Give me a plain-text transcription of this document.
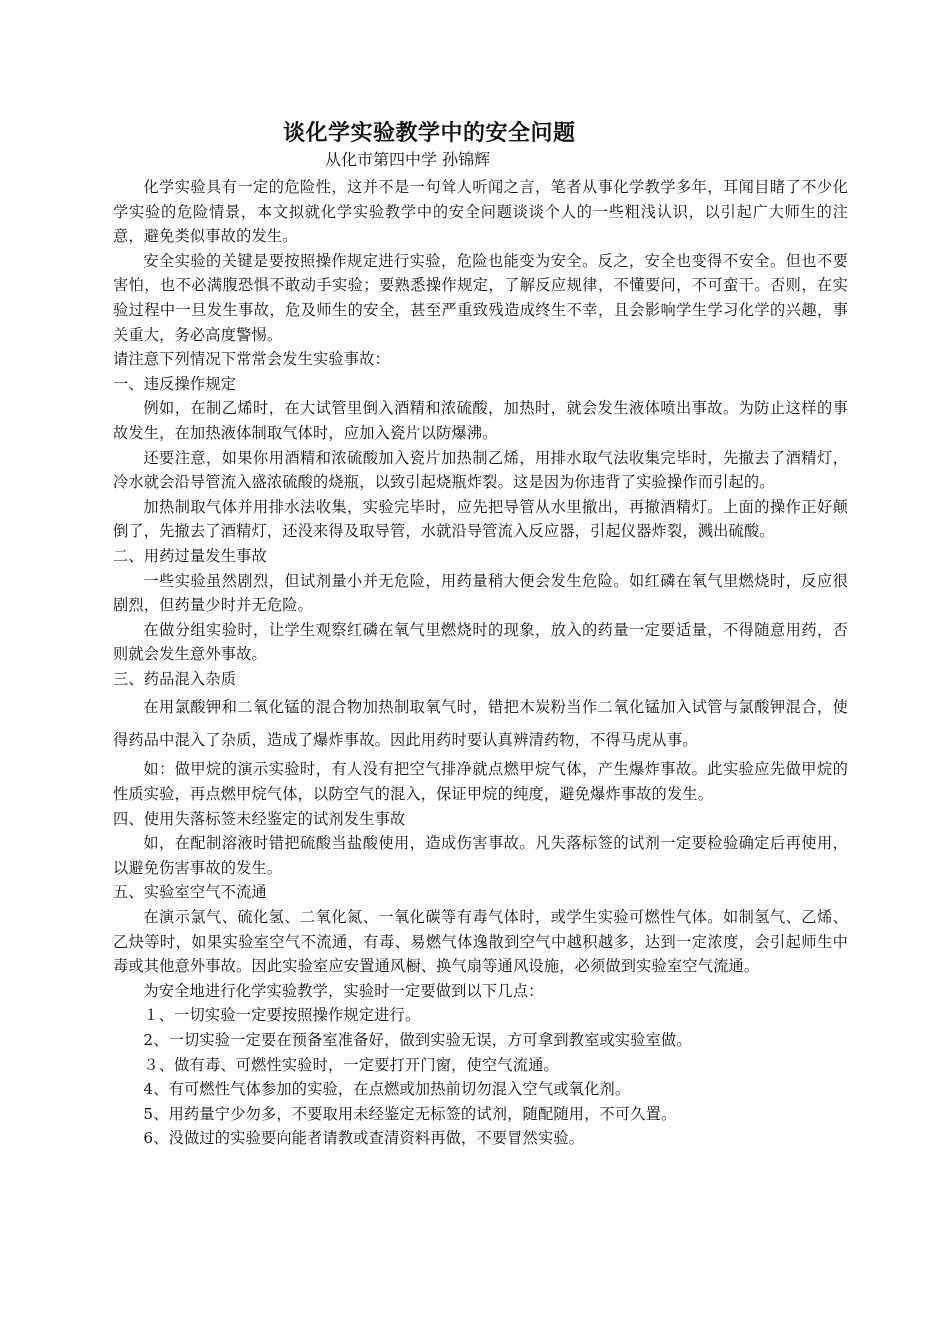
谈化学实验教学中的安全问题

从化市第四中学 孙锦辉

化学实验具有一定的危险性，这并不是一句耸人听闻之言，笔者从事化学教学多年，耳闻目睹了不少化学实验的危险情景，本文拟就化学实验教学中的安全问题谈谈个人的一些粗浅认识，以引起广大师生的注意，避免类似事故的发生。

安全实验的关键是要按照操作规定进行实验，危险也能变为安全。反之，安全也变得不安全。但也不要害怕，也不必满腹恐惧不敢动手实验；要熟悉操作规定，了解反应规律，不懂要问，不可蛮干。否则，在实验过程中一旦发生事故，危及师生的安全，甚至严重致残造成终生不幸，且会影响学生学习化学的兴趣，事关重大，务必高度警惕。

请注意下列情况下常常会发生实验事故：

一、违反操作规定

例如，在制乙烯时，在大试管里倒入酒精和浓硫酸，加热时，就会发生液体喷出事故。为防止这样的事故发生，在加热液体制取气体时，应加入瓷片以防爆沸。

还要注意，如果你用酒精和浓硫酸加入瓷片加热制乙烯，用排水取气法收集完毕时，先撤去了酒精灯，冷水就会沿导管流入盛浓硫酸的烧瓶，以致引起烧瓶炸裂。这是因为你违背了实验操作而引起的。

加热制取气体并用排水法收集，实验完毕时，应先把导管从水里撤出，再撤酒精灯。上面的操作正好颠倒了，先撤去了酒精灯，还没来得及取导管，水就沿导管流入反应器，引起仪器炸裂，溅出硫酸。

二、用药过量发生事故

一些实验虽然剧烈，但试剂量小并无危险，用药量稍大便会发生危险。如红磷在氧气里燃烧时，反应很剧烈，但药量少时并无危险。

在做分组实验时，让学生观察红磷在氧气里燃烧时的现象，放入的药量一定要适量，不得随意用药，否则就会发生意外事故。

三、药品混入杂质

在用氯酸钾和二氧化锰的混合物加热制取氧气时，错把木炭粉当作二氧化锰加入试管与氯酸钾混合，使得药品中混入了杂质，造成了爆炸事故。因此用药时要认真辨清药物，不得马虎从事。

如：做甲烷的演示实验时，有人没有把空气排净就点燃甲烷气体，产生爆炸事故。此实验应先做甲烷的性质实验，再点燃甲烷气体，以防空气的混入，保证甲烷的纯度，避免爆炸事故的发生。

四、使用失落标签未经鉴定的试剂发生事故

如，在配制溶液时错把硫酸当盐酸使用，造成伤害事故。凡失落标签的试剂一定要检验确定后再使用，以避免伤害事故的发生。

五、实验室空气不流通

在演示氯气、硫化氢、二氧化氮、一氧化碳等有毒气体时，或学生实验可燃性气体。如制氢气、乙烯、乙炔等时，如果实验室空气不流通，有毒、易燃气体逸散到空气中越积越多，达到一定浓度，会引起师生中毒或其他意外事故。因此实验室应安置通风橱、换气扇等通风设施，必须做到实验室空气流通。

为安全地进行化学实验教学，实验时一定要做到以下几点：

１、一切实验一定要按照操作规定进行。

2、一切实验一定要在预备室准备好，做到实验无误，方可拿到教室或实验室做。

３、做有毒、可燃性实验时，一定要打开门窗，使空气流通。

4、有可燃性气体参加的实验，在点燃或加热前切勿混入空气或氧化剂。

5、用药量宁少勿多，不要取用未经鉴定无标签的试剂，随配随用，不可久置。

6、没做过的实验要向能者请教或查清资料再做，不要冒然实验。
